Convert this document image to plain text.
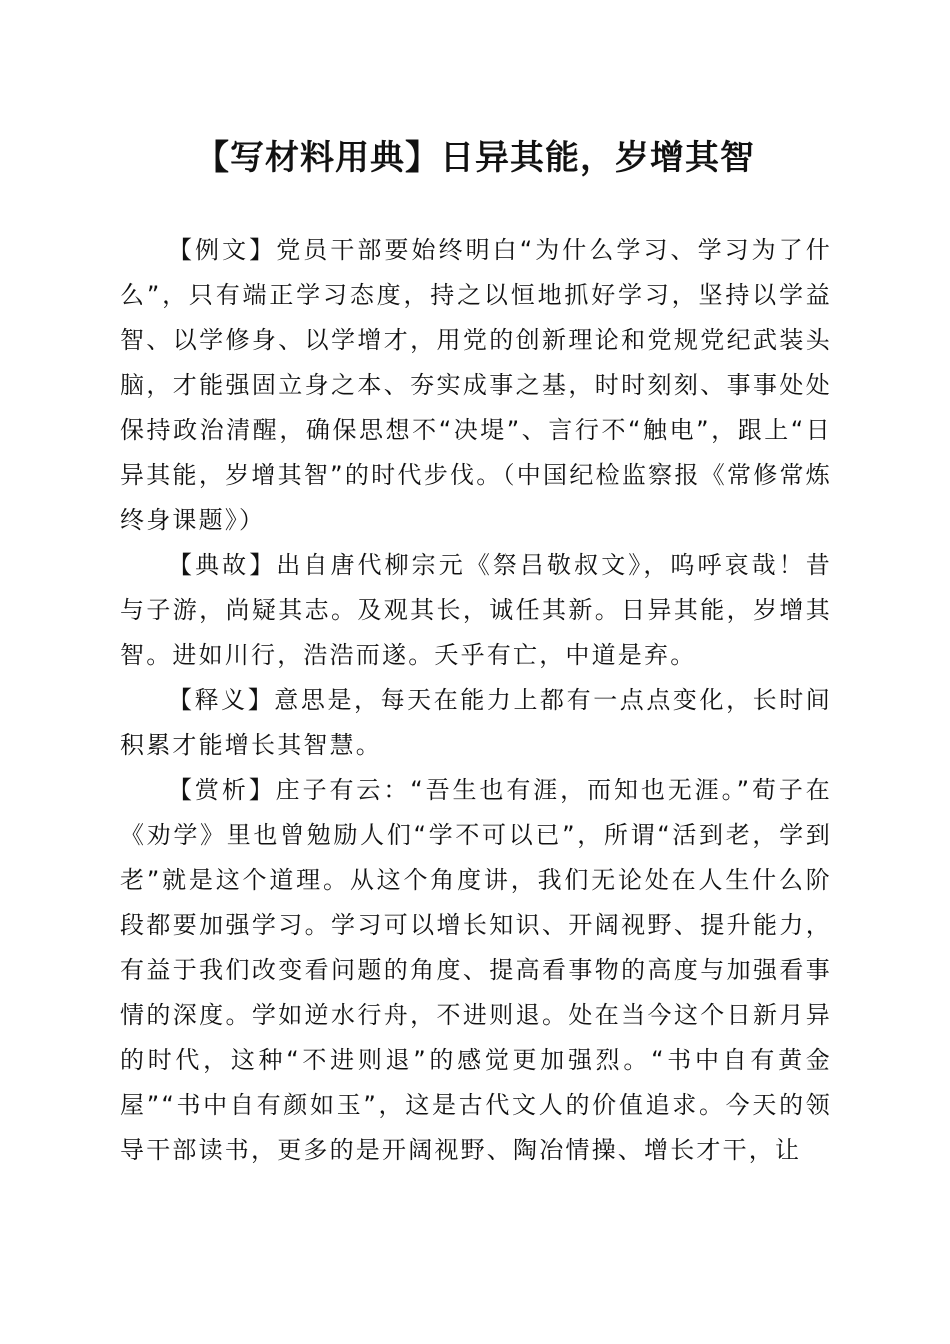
【写材料用典】日异其能，岁增其智

【例文】党员干部要始终明白“为什么学习、学习为了什么”，只有端正学习态度，持之以恒地抓好学习，坚持以学益智、以学修身、以学增才，用党的创新理论和党规党纪武装头脑，才能强固立身之本、夯实成事之基，时时刻刻、事事处处保持政治清醒，确保思想不“决堤”、言行不“触电”，跟上“日异其能，岁增其智”的时代步伐。（中国纪检监察报《常修常炼终身课题》）

【典故】出自唐代柳宗元《祭吕敬叔文》，呜呼哀哉！昔与子游，尚疑其志。及观其长，诚任其新。日异其能，岁增其智。进如川行，浩浩而遂。夭乎有亡，中道是弃。

【释义】意思是，每天在能力上都有一点点变化，长时间积累才能增长其智慧。

【赏析】庄子有云：“吾生也有涯，而知也无涯。”荀子在《劝学》里也曾勉励人们“学不可以已”，所谓“活到老，学到老”就是这个道理。从这个角度讲，我们无论处在人生什么阶段都要加强学习。学习可以增长知识、开阔视野、提升能力，有益于我们改变看问题的角度、提高看事物的高度与加强看事情的深度。学如逆水行舟，不进则退。处在当今这个日新月异的时代，这种“不进则退”的感觉更加强烈。“书中自有黄金屋”“书中自有颜如玉”，这是古代文人的价值追求。今天的领导干部读书，更多的是开阔视野、陶冶情操、增长才干，让
